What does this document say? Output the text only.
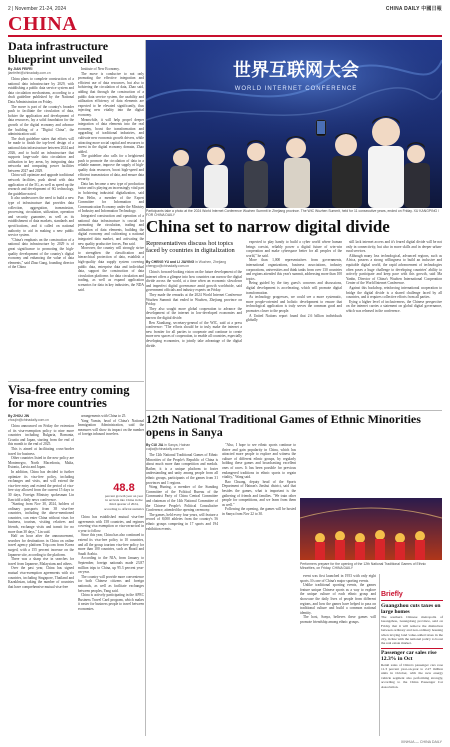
2 | November 21-24, 2024	CHINA DAILY 中國日報
CHINA
Data infrastructure blueprint unveiled
By JIAN FEIFEI
jianfeifei@chinadaily.com.cn

China plans to complete construction of a national data infrastructure by 2029, with establishing a public data service system and data circulation mechanisms, according to a draft guideline published by the National Data Administration on Friday.

The move is part of the country's broader push to facilitate the circulation of data, bolster the application and development of data resources, lay a solid foundation for the growth of the digital economy and advance the building of a "Digital China", the administration said.

The draft guideline states that efforts will be made to finish the top-level design of a national data infrastructure between 2024 and 2026, and to build an infrastructure that supports large-scale data circulation and utilization in key areas, by integrating data networks and computing power facilities between 2027 and 2029.

China will optimize and upgrade traditional network facilities, push ahead with data application of the 5G, as well as speed up the research and development of 6G technology, the guideline noted.

It also underscores the need to build a new type of infrastructure that provides data collection, aggregation, transmission, processing, circulation, utilization, operation and security guarantee, as well as its establishment of data markets, standards and specifications, and it called on national authority to aid in making a new public service system.

"China's emphasis on the construction of a national data infrastructure by 2029 is of great significance to promoting the high-quality development of the country's digital economy and enhancing the value of data elements," said Zhao Gang, founding director of the China

Institute of New Economy.

The move is conducive to not only promoting the effective integration and efficient use of data resources, but also to bolstering the circulation of data, Zhao said, adding that through the construction of a public data service system, the usability and utilization efficiency of data elements are expected to be elevated significantly, thus injecting new vitality into the digital economy.

Meanwhile, it will help propel deeper integration of data elements into the real economy, boost the transformation and upgrading of traditional industries, and cultivate new economic growth drivers, while attracting more social capital and resources to invest in the digital economy domain, Zhao added.

The guideline also calls for a heightened push to promote the circulation of data in a reliable manner, improve the supply of high-quality data resources, boost high-speed and efficient transmission of data, and ensure data security.

Data has become a new type of production factor and is playing an increasingly vital part in bolstering industrial digitalization, said Pan Helin, a member of the Expert Committee for Information and Communication Economy under the Ministry of Industry and Information Technology.

Integrated construction and operation of a national data infrastructure is crucial for promoting the circulation, trading and utilization of data elements, building the digital economy and cultivating a national integrated data market, and activating the new quality productive forces, Pan said.

Moreover, the country will strongly strive to strengthen the classification and hierarchical protection of data, establish a high-quality data supply system covering public data, enterprise data and individual data, support the construction of data circulation platforms for data circulation and trading, as well as expand application scenarios for data in key industries, the NDA said.

Visa-free entry coming for more countries
By ZHOU JIN
zhoujin@chinadaily.com.cn

China announced on Friday the extension of its visa-exemption policy to nine more countries including Bulgaria, Romania, Croatia and Japan, starting from the end of this month to the end of 2025.

This is aimed at facilitating cross-border travel for business.

Other countries listed in the new policy are Montenegro, North Macedonia, Malta, Estonia, Latvia and Japan.

In addition, China has decided to further optimize its visa-free policy, including exchanges and visits, and will extend the visa-free entry and extend the period of visa-free stay allowed from the current 15 days to 30 days, Foreign Ministry spokesman Lin Jian told a daily news conference.

"Starting from Nov 30, 2024, holders of ordinary passports from 38 visa-free countries, including the above-mentioned countries, can enter China without visas for business, tourism, visiting relatives and friends, exchange visits and transit for no more than 30 days," Lin said.

Half an hour after the announcement, searches for destinations in China on online travel agency platform Trip.com from Korea surged, with a 155 percent increase on the Japanese site, according to the platform.

There was a sharp rise in searches for travel from Japanese, Malaysians and others.

Over the past year, China has signed mutual visa-exemption agreements with six countries, including Singapore, Thailand and Kazakhstan, taking the number of countries that have comprehensive mutual visa-free

arrangements with China to 25.

Yang Yumin, head of China's National Immigration Administration, said the measures will show its impact on the number of foreign inbound travelers.

48.8
percent growth year on year in arrivals into China in the third quarter of 2024, according to official statistics

China has established mutual visa-free agreements with 158 countries, and regimes covering visa exemption or visa-on-arrival in a year to follow.

Since this year, China has also continued to extend its visa-free policy to 10 countries, and all the group tourism visa-free policy for more than 100 countries, such as Brazil and Saudi Arabia.

According to the NIA, from January to September, foreign nationals made 23.87 million trips to China, up 95.3 percent year-on-year.

The country will provide more convenience for both Chinese citizens and foreign nationals, as well as facilitate exchanges between peoples, Yang said.

China is actively participating in the APEC Business Travel Card program, which makes it easier for business people to travel between economies.

世界互联网大会
WORLD INTERNET CONFERENCE
Participants take a photo at the 2024 World Internet Conference Wuzhen Summit in Zhejiang province. The WIC Wuzhen Summit, held for 11 consecutive years, ended on Friday. XU KANGPING / FOR CHINA DAILY
China set to narrow digital divide
Representatives discuss hot topics faced by countries in digitalization
By CHENG YU and LI JIAYING in Wuzhen, Zhejiang
chengyu@chinadaily.com.cn

China's forward-looking vision on the future development of the internet offers a glimpse into how countries can narrow the digital divide across the world, at a time when an economic slowdown and imperfect digital governance amid growth worldwide, said government officials and industry experts on Friday.

They made the remarks at the 2024 World Internet Conference Wuzhen Summit that ended in Wuzhen, Zhejiang province on Friday.

They also sought more global cooperation to advance the development of the internet in low-developed economies and narrow the digital divide.

Ren Xianliang, secretary-general of the WIC, said at a press conference: "The efforts should be to truly make the internet a new frontier for all parties to cooperate and continue to create more new spaces of cooperation, to enable all countries, especially developing economies, to jointly take advantage of the digital divide.

expected to play handy to build a cyber world where human beings coexist, reliably power a digital future of win-win cooperation and make cyberspace better for all peoples of the world," he said.

More than 1,000 representatives from governments, international organizations, business associations, industry corporations, universities and think tanks from over 130 countries and regions attended this year's summit, addressing more than 100 topics.

Being guided by the tiny guest's concerns and discussions, digital development is accelerating, which will promote digital transformation.

As technology progresses, we could see a more systematic, more people-oriented and holistic development to ensure that technological application is truly serves the common good and promotes closer to the people.

A United Nations report found that 2.6 billion individuals globally

still lack internet access and it's feared digital divide will be not only in connectivity, but also in more skills and in deeper urban-rural services.

Although many loss technological, advanced regions, such as Africa, possess a strong willingness to build an inclusive and equitable digital world, the rapid advancement of technologies often poses a huge challenge to developing countries' ability to actively participate and keep pace with this growth, said Ma Yanbo, Director of China's Wuzhen International Cooperation Center of the World Internet Conference.

Against this backdrop, reinforcing international cooperation to bridge the digital divide is a shared challenge faced by all countries, and it requires collective efforts from all parties.

Eying a higher level of inclusiveness, the Chinese perspective on the internet carries a statement on global digital governance, which was released in the conference.

12th National Traditional Games of Ethnic Minorities opens in Sanya
By CUI JIA in Sanya, Hainan
cuijia@chinadaily.com.cn

The 12th National Traditional Games of Ethnic Minorities of the People's Republic of China is about much more than competition and medals. Rather, it is a unique platform to foster understanding and unity among people from all ethnic groups, participants of the games from 31 provinces and 1 regions.

Wang Huning, a member of the Standing Committee of the Political Bureau of the Communist Party of China Central Committee and chairman of the 14th National Committee of the Chinese People's Political Consultative Conference, attended the opening ceremony.

The games, held every four years, will feature a record of 8,000 athletes from the country's 56 ethnic groups competing in 17 sports and 194 exhibition events.

"Also, I hope to see ethnic sports continue to thrive and gain popularity in China, which has attracted more people to explore and witness the culture of different ethnic groups, by regularly holding these games and broadcasting excellent ones of races. It has been possible for previous endangered traditions in ethnic sports to regain vitality," Wang said.

Bao Chuang, deputy head of the Sports Department of Hainan's Jinshui district, said that besides the games, what is important is the gathering of friends and families. "We train other people for competitions, and we learn from them as well."

Following the opening, the games will be hosted in Sanya from Nov 22 to 30.

Performers prepare for the opening of the 12th National Traditional Games of Ethnic Minorities, on Friday. CHINA DAILY

event was first launched in 1953 with only eight sports. It's one of China's major sporting events.

Unlike traditional sporting events, the games feature unique Chinese sports as a way to explore the unique culture of each ethnic group and showcase the daily lives of people from different regions, and how the games have helped to pass on traditional culture and build a common national identity.

The host, Sanya, believes these games will promote friendship among ethnic groups.

Briefly
Guangzhou cuts taxes on large homes
The southern Chinese metropolis of Guangzhou, Guangdong province, said on Friday that it will remove the distinction between ordinary and non-ordinary housing when levying land value-added taxes in the city, in line with the national policy to boost the real estate market.
Passenger car sales rise 12.3% in Oct
Retail sales of China's passenger cars rose 11.3 percent year-on-year to 2.27 million units in October, with the new energy vehicle segment also performing strongly, according to the China Passenger Car Association.
XINHUA — CHINA DAILY
